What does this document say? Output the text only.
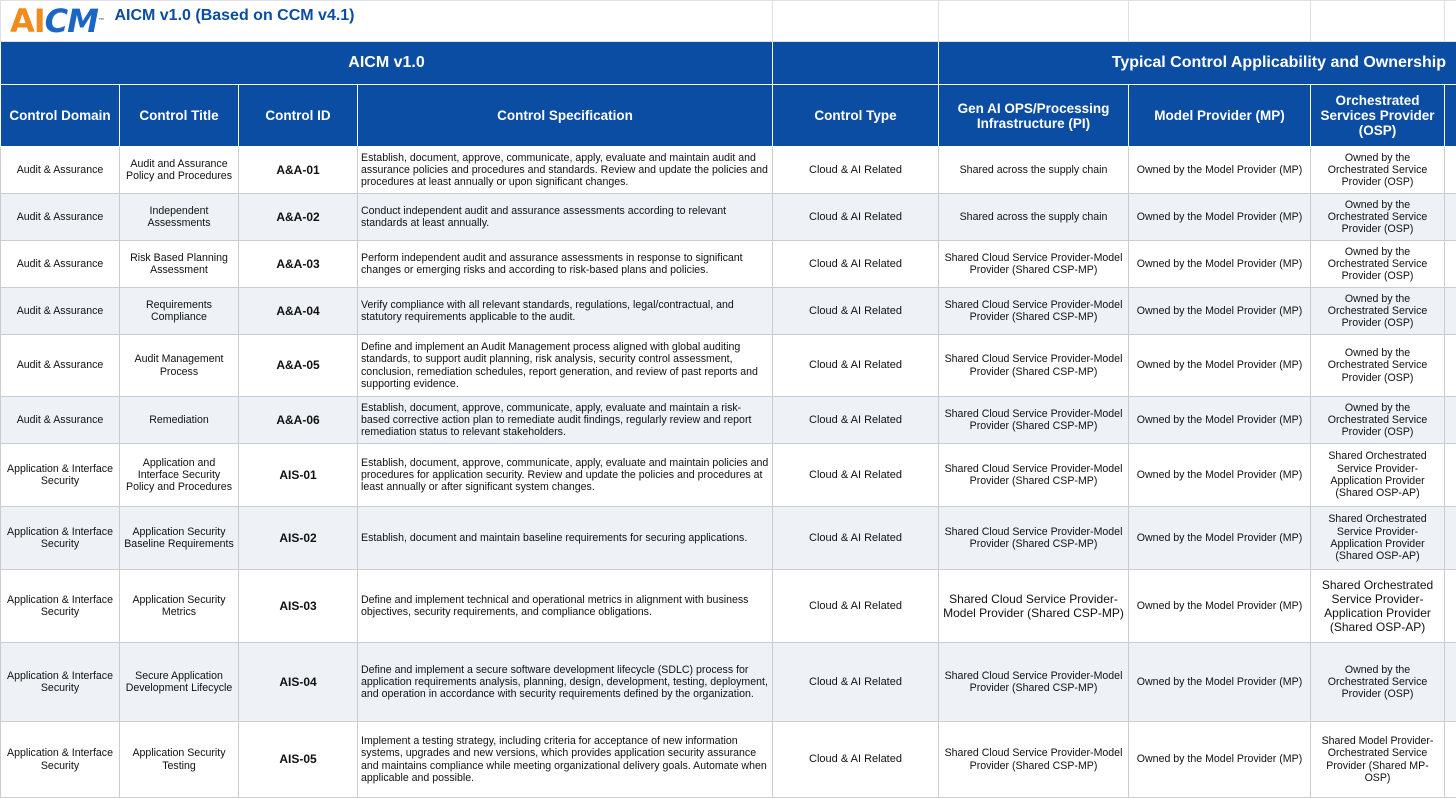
AICM™ AICM v1.0 (Based on CCM v4.1)								
AICM v1.0					Typical Control Applicability and Ownership			
Control Domain	Control Title	Control ID	Control Specification	Control Type	Gen AI OPS/Processing Infrastructure (PI)	Model Provider (MP)	Orchestrated Services Provider (OSP)	
Audit & Assurance	Audit and Assurance Policy and Procedures	A&A-01	Establish, document, approve, communicate, apply, evaluate and maintain audit and assurance policies and procedures and standards. Review and update the policies and procedures at least annually or upon significant changes.	Cloud & AI Related	Shared across the supply chain	Owned by the Model Provider (MP)	Owned by the Orchestrated Service Provider (OSP)	
Audit & Assurance	Independent Assessments	A&A-02	Conduct independent audit and assurance assessments according to relevant standards at least annually.	Cloud & AI Related	Shared across the supply chain	Owned by the Model Provider (MP)	Owned by the Orchestrated Service Provider (OSP)	
Audit & Assurance	Risk Based Planning Assessment	A&A-03	Perform independent audit and assurance assessments in response to significant changes or emerging risks and according to risk-based plans and policies.	Cloud & AI Related	Shared Cloud Service Provider-Model Provider (Shared CSP-MP)	Owned by the Model Provider (MP)	Owned by the Orchestrated Service Provider (OSP)	
Audit & Assurance	Requirements Compliance	A&A-04	Verify compliance with all relevant standards, regulations, legal/contractual, and statutory requirements applicable to the audit.	Cloud & AI Related	Shared Cloud Service Provider-Model Provider (Shared CSP-MP)	Owned by the Model Provider (MP)	Owned by the Orchestrated Service Provider (OSP)	
Audit & Assurance	Audit Management Process	A&A-05	Define and implement an Audit Management process aligned with global auditing standards, to support audit planning, risk analysis, security control assessment, conclusion, remediation schedules, report generation, and review of past reports and supporting evidence.	Cloud & AI Related	Shared Cloud Service Provider-Model Provider (Shared CSP-MP)	Owned by the Model Provider (MP)	Owned by the Orchestrated Service Provider (OSP)	
Audit & Assurance	Remediation	A&A-06	Establish, document, approve, communicate, apply, evaluate and maintain a risk-based corrective action plan to remediate audit findings, regularly review and report remediation status to relevant stakeholders.	Cloud & AI Related	Shared Cloud Service Provider-Model Provider (Shared CSP-MP)	Owned by the Model Provider (MP)	Owned by the Orchestrated Service Provider (OSP)	
Application & Interface Security	Application and Interface Security Policy and Procedures	AIS-01	Establish, document, approve, communicate, apply, evaluate and maintain policies and procedures for application security. Review and update the policies and procedures at least annually or after significant system changes.	Cloud & AI Related	Shared Cloud Service Provider-Model Provider (Shared CSP-MP)	Owned by the Model Provider (MP)	Shared Orchestrated Service Provider-Application Provider (Shared OSP-AP)	
Application & Interface Security	Application Security Baseline Requirements	AIS-02	Establish, document and maintain baseline requirements for securing applications.	Cloud & AI Related	Shared Cloud Service Provider-Model Provider (Shared CSP-MP)	Owned by the Model Provider (MP)	Shared Orchestrated Service Provider-Application Provider (Shared OSP-AP)	
Application & Interface Security	Application Security Metrics	AIS-03	Define and implement technical and operational metrics in alignment with business objectives, security requirements, and compliance obligations.	Cloud & AI Related	Shared Cloud Service Provider-Model Provider (Shared CSP-MP)	Owned by the Model Provider (MP)	Shared Orchestrated Service Provider-Application Provider (Shared OSP-AP)	
Application & Interface Security	Secure Application Development Lifecycle	AIS-04	Define and implement a secure software development lifecycle (SDLC) process for application requirements analysis, planning, design, development, testing, deployment, and operation in accordance with security requirements defined by the organization.	Cloud & AI Related	Shared Cloud Service Provider-Model Provider (Shared CSP-MP)	Owned by the Model Provider (MP)	Owned by the Orchestrated Service Provider (OSP)	
Application & Interface Security	Application Security Testing	AIS-05	Implement a testing strategy, including criteria for acceptance of new information systems, upgrades and new versions, which provides application security assurance and maintains compliance while meeting organizational delivery goals. Automate when applicable and possible.	Cloud & AI Related	Shared Cloud Service Provider-Model Provider (Shared CSP-MP)	Owned by the Model Provider (MP)	Shared Model Provider-Orchestrated Service Provider (Shared MP-OSP)	
